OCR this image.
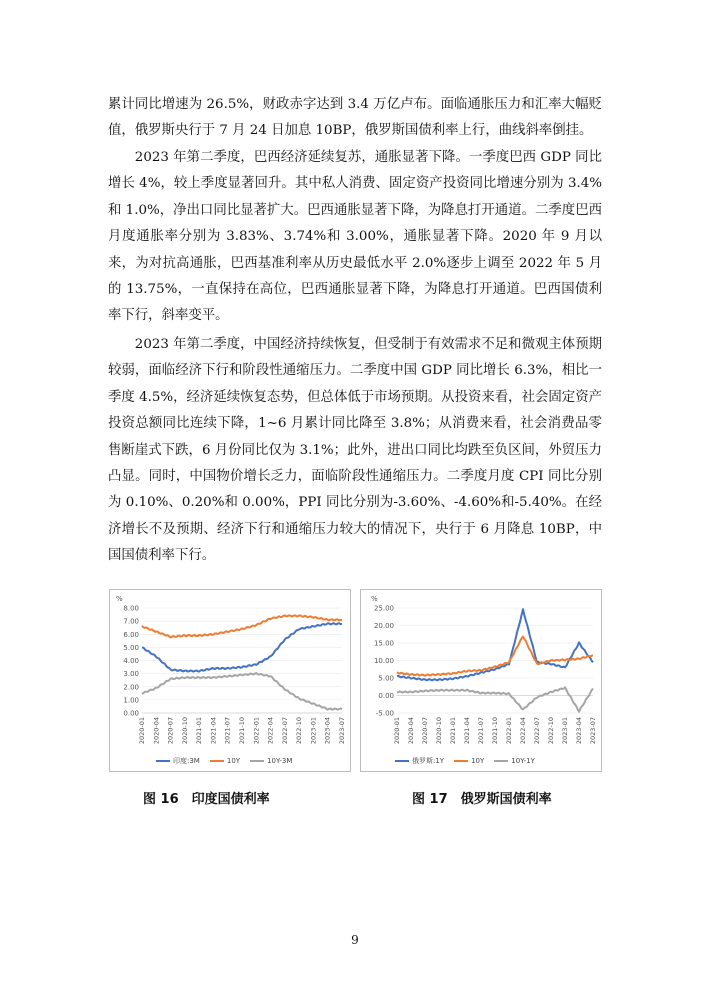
累计同比增速为 26.5%，财政赤字达到 3.4 万亿卢布。面临通胀压力和汇率大幅贬值，俄罗斯央行于 7 月 24 日加息 10BP，俄罗斯国债利率上行，曲线斜率倒挂。

2023 年第二季度，巴西经济延续复苏，通胀显著下降。一季度巴西 GDP 同比增长 4%，较上季度显著回升。其中私人消费、固定资产投资同比增速分别为 3.4%和 1.0%，净出口同比显著扩大。巴西通胀显著下降，为降息打开通道。二季度巴西月度通胀率分别为 3.83%、3.74%和 3.00%，通胀显著下降。2020 年 9 月以来，为对抗高通胀，巴西基准利率从历史最低水平 2.0%逐步上调至 2022 年 5 月的 13.75%，一直保持在高位，巴西通胀显著下降，为降息打开通道。巴西国债利率下行，斜率变平。

2023 年第二季度，中国经济持续恢复，但受制于有效需求不足和微观主体预期较弱，面临经济下行和阶段性通缩压力。二季度中国 GDP 同比增长 6.3%，相比一季度 4.5%，经济延续恢复态势，但总体低于市场预期。从投资来看，社会固定资产投资总额同比连续下降，1~6 月累计同比降至 3.8%；从消费来看，社会消费品零售断崖式下跌，6 月份同比仅为 3.1%；此外，进出口同比均跌至负区间，外贸压力凸显。同时，中国物价增长乏力，面临阶段性通缩压力。二季度月度 CPI 同比分别为 0.10%、0.20%和 0.00%，PPI 同比分别为-3.60%、-4.60%和-5.40%。在经济增长不及预期、经济下行和通缩压力较大的情况下，央行于 6 月降息 10BP，中国国债利率下行。

%
0.00
1.00
2.00
3.00
4.00
5.00
6.00
7.00
8.00
2020-01 2020-04 2020-07 2020-10 2021-01 2021-04 2021-07 2021-10 2022-01 2022-04 2022-07 2022-10 2023-01 2023-04 2023-07
印度:3M	10Y	10Y-3M
%
-5.00
0.00
5.00
10.00
15.00
20.00
25.00
2020-01 2020-04 2020-07 2020-10 2021-01 2021-04 2021-07 2021-10 2022-01 2022-04 2022-07 2022-10 2023-01 2023-04 2023-07
俄罗斯:1Y	10Y	10Y-1Y
图 16　印度国债利率	图 17　俄罗斯国债利率
9
